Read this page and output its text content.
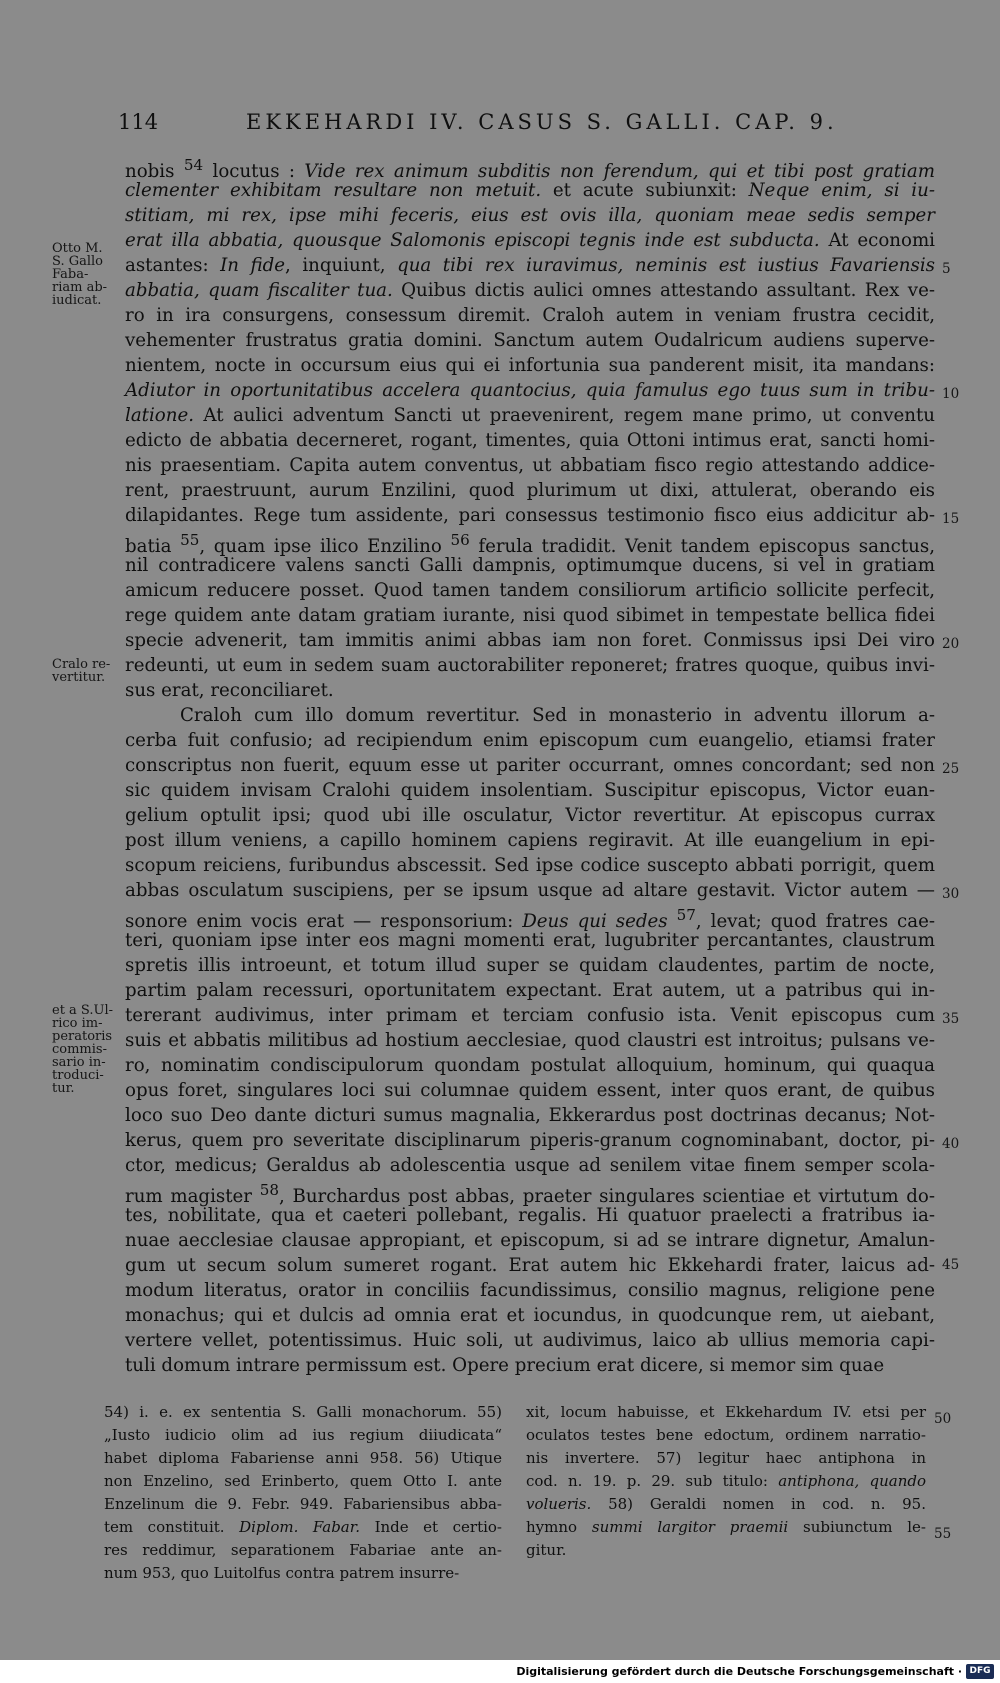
114	EKKEHARDI IV. CASUS S. GALLI. CAP. 9.
nobis $^{54}$ locutus : Vide rex animum subditis non ferendum, qui et tibi post gratiam
clementer exhibitam resultare non metuit. et acute subiunxit: Neque enim, si iu-
stitiam, mi rex, ipse mihi feceris, eius est ovis illa, quoniam meae sedis semper
erat illa abbatia, quousque Salomonis episcopi tegnis inde est subducta. At economi
astantes: In fide, inquiunt, qua tibi rex iuravimus, neminis est iustius Favariensis
abbatia, quam fiscaliter tua. Quibus dictis aulici omnes attestando assultant. Rex ve-
ro in ira consurgens, consessum diremit. Craloh autem in veniam frustra cecidit,
vehementer frustratus gratia domini. Sanctum autem Oudalricum audiens superve-
nientem, nocte in occursum eius qui ei infortunia sua panderent misit, ita mandans:
Adiutor in oportunitatibus accelera quantocius, quia famulus ego tuus sum in tribu-
latione. At aulici adventum Sancti ut praevenirent, regem mane primo, ut conventu
edicto de abbatia decerneret, rogant, timentes, quia Ottoni intimus erat, sancti homi-
nis praesentiam. Capita autem conventus, ut abbatiam fisco regio attestando addice-
rent, praestruunt, aurum Enzilini, quod plurimum ut dixi, attulerat, oberando eis
dilapidantes. Rege tum assidente, pari consessus testimonio fisco eius addicitur ab-
batia $^{55}$, quam ipse ilico Enzilino $^{56}$ ferula tradidit. Venit tandem episcopus sanctus,
nil contradicere valens sancti Galli dampnis, optimumque ducens, si vel in gratiam
amicum reducere posset. Quod tamen tandem consiliorum artificio sollicite perfecit,
rege quidem ante datam gratiam iurante, nisi quod sibimet in tempestate bellica fidei
specie advenerit, tam immitis animi abbas iam non foret. Conmissus ipsi Dei viro
redeunti, ut eum in sedem suam auctorabiliter reponeret; fratres quoque, quibus invi-
sus erat, reconciliaret.
Craloh cum illo domum revertitur. Sed in monasterio in adventu illorum a-
cerba fuit confusio; ad recipiendum enim episcopum cum euangelio, etiamsi frater
conscriptus non fuerit, equum esse ut pariter occurrant, omnes concordant; sed non
sic quidem invisam Cralohi quidem insolentiam. Suscipitur episcopus, Victor euan-
gelium optulit ipsi; quod ubi ille osculatur, Victor revertitur. At episcopus currax
post illum veniens, a capillo hominem capiens regiravit. At ille euangelium in epi-
scopum reiciens, furibundus abscessit. Sed ipse codice suscepto abbati porrigit, quem
abbas osculatum suscipiens, per se ipsum usque ad altare gestavit. Victor autem —
sonore enim vocis erat — responsorium: Deus qui sedes $^{57}$, levat; quod fratres cae-
teri, quoniam ipse inter eos magni momenti erat, lugubriter percantantes, claustrum
spretis illis introeunt, et totum illud super se quidam claudentes, partim de nocte,
partim palam recessuri, oportunitatem expectant. Erat autem, ut a patribus qui in-
tererant audivimus, inter primam et terciam confusio ista. Venit episcopus cum
suis et abbatis militibus ad hostium aecclesiae, quod claustri est introitus; pulsans ve-
ro, nominatim condiscipulorum quondam postulat alloquium, hominum, qui quaqua
opus foret, singulares loci sui columnae quidem essent, inter quos erant, de quibus
loco suo Deo dante dicturi sumus magnalia, Ekkerardus post doctrinas decanus; Not-
kerus, quem pro severitate disciplinarum piperis-granum cognominabant, doctor, pi-
ctor, medicus; Geraldus ab adolescentia usque ad senilem vitae finem semper scola-
rum magister $^{58}$, Burchardus post abbas, praeter singulares scientiae et virtutum do-
tes, nobilitate, qua et caeteri pollebant, regalis. Hi quatuor praelecti a fratribus ia-
nuae aecclesiae clausae appropiant, et episcopum, si ad se intrare dignetur, Amalun-
gum ut secum solum sumeret rogant. Erat autem hic Ekkehardi frater, laicus ad-
modum literatus, orator in conciliis facundissimus, consilio magnus, religione pene
monachus; qui et dulcis ad omnia erat et iocundus, in quodcunque rem, ut aiebant,
vertere vellet, potentissimus. Huic soli, ut audivimus, laico ab ullius memoria capi-
tuli domum intrare permissum est. Opere precium erat dicere, si memor sim quae
Otto M. S. Gallo Faba- riam ab- iudicat.
Cralo re- vertitur.
et a S.Ul- rico im- peratoris commis- sario in- troduci- tur.
5
10
15
20
25
30
35
40
45
54) i. e. ex sententia S. Galli monachorum. 55)
„Iusto iudicio olim ad ius regium diiudicata“
habet diploma Fabariense anni 958. 56) Utique
non Enzelino, sed Erinberto, quem Otto I. ante
Enzelinum die 9. Febr. 949. Fabariensibus abba-
tem constituit. Diplom. Fabar. Inde et certio-
res reddimur, separationem Fabariae ante an-
num 953, quo Luitolfus contra patrem insurre-
xit, locum habuisse, et Ekkehardum IV. etsi per
oculatos testes bene edoctum, ordinem narratio-
nis invertere. 57) legitur haec antiphona in
cod. n. 19. p. 29. sub titulo: antiphona, quando
volueris. 58) Geraldi nomen in cod. n. 95.
hymno summi largitor praemii subiunctum le-
gitur.
50
55
Digitalisierung gefördert durch die Deutsche Forschungsgemeinschaft · DFG
